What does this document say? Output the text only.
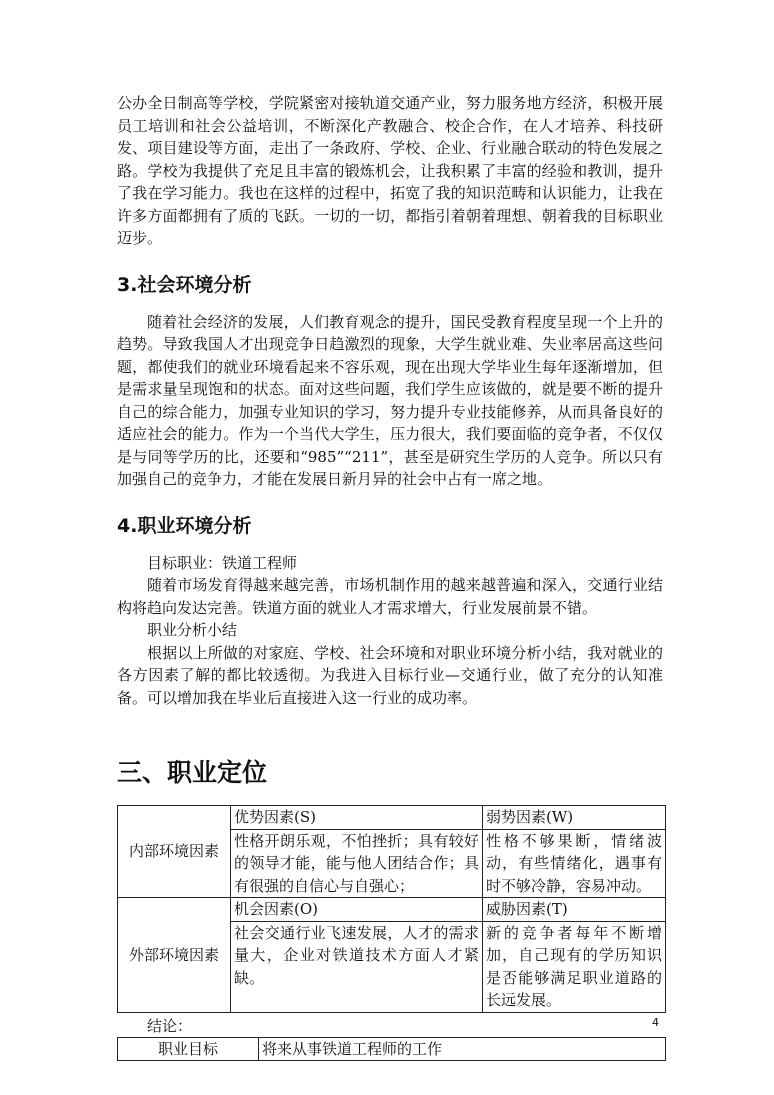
公办全日制高等学校，学院紧密对接轨道交通产业，努力服务地方经济，积极开展员工培训和社会公益培训，不断深化产教融合、校企合作，在人才培养、科技研发、项目建设等方面，走出了一条政府、学校、企业、行业融合联动的特色发展之路。学校为我提供了充足且丰富的锻炼机会，让我积累了丰富的经验和教训，提升了我在学习能力。我也在这样的过程中，拓宽了我的知识范畴和认识能力，让我在许多方面都拥有了质的飞跃。一切的一切，都指引着朝着理想、朝着我的目标职业迈步。

3.社会环境分析

随着社会经济的发展，人们教育观念的提升，国民受教育程度呈现一个上升的趋势。导致我国人才出现竞争日趋激烈的现象，大学生就业难、失业率居高这些问题，都使我们的就业环境看起来不容乐观，现在出现大学毕业生每年逐渐增加，但是需求量呈现饱和的状态。面对这些问题，我们学生应该做的，就是要不断的提升自己的综合能力，加强专业知识的学习，努力提升专业技能修养，从而具备良好的适应社会的能力。作为一个当代大学生，压力很大，我们要面临的竞争者，不仅仅是与同等学历的比，还要和“985”“211”，甚至是研究生学历的人竞争。所以只有加强自己的竞争力，才能在发展日新月异的社会中占有一席之地。

4.职业环境分析

目标职业：铁道工程师

随着市场发育得越来越完善，市场机制作用的越来越普遍和深入，交通行业结构将趋向发达完善。铁道方面的就业人才需求增大，行业发展前景不错。

职业分析小结

根据以上所做的对家庭、学校、社会环境和对职业环境分析小结，我对就业的各方因素了解的都比较透彻。为我进入目标行业—交通行业，做了充分的认知准备。可以增加我在毕业后直接进入这一行业的成功率。

三、职业定位
内部环境因素	优势因素(S)	弱势因素(W)
	性格开朗乐观，不怕挫折；具有较好的领导才能，能与他人团结合作；具有很强的自信心与自强心；	性格不够果断，情绪波动，有些情绪化，遇事有时不够冷静，容易冲动。
外部环境因素	机会因素(O)	威胁因素(T)
	社会交通行业飞速发展，人才的需求量大，企业对铁道技术方面人才紧缺。	新的竞争者每年不断增加，自己现有的学历知识是否能够满足职业道路的长远发展。

结论：

职业目标	将来从事铁道工程师的工作
4
